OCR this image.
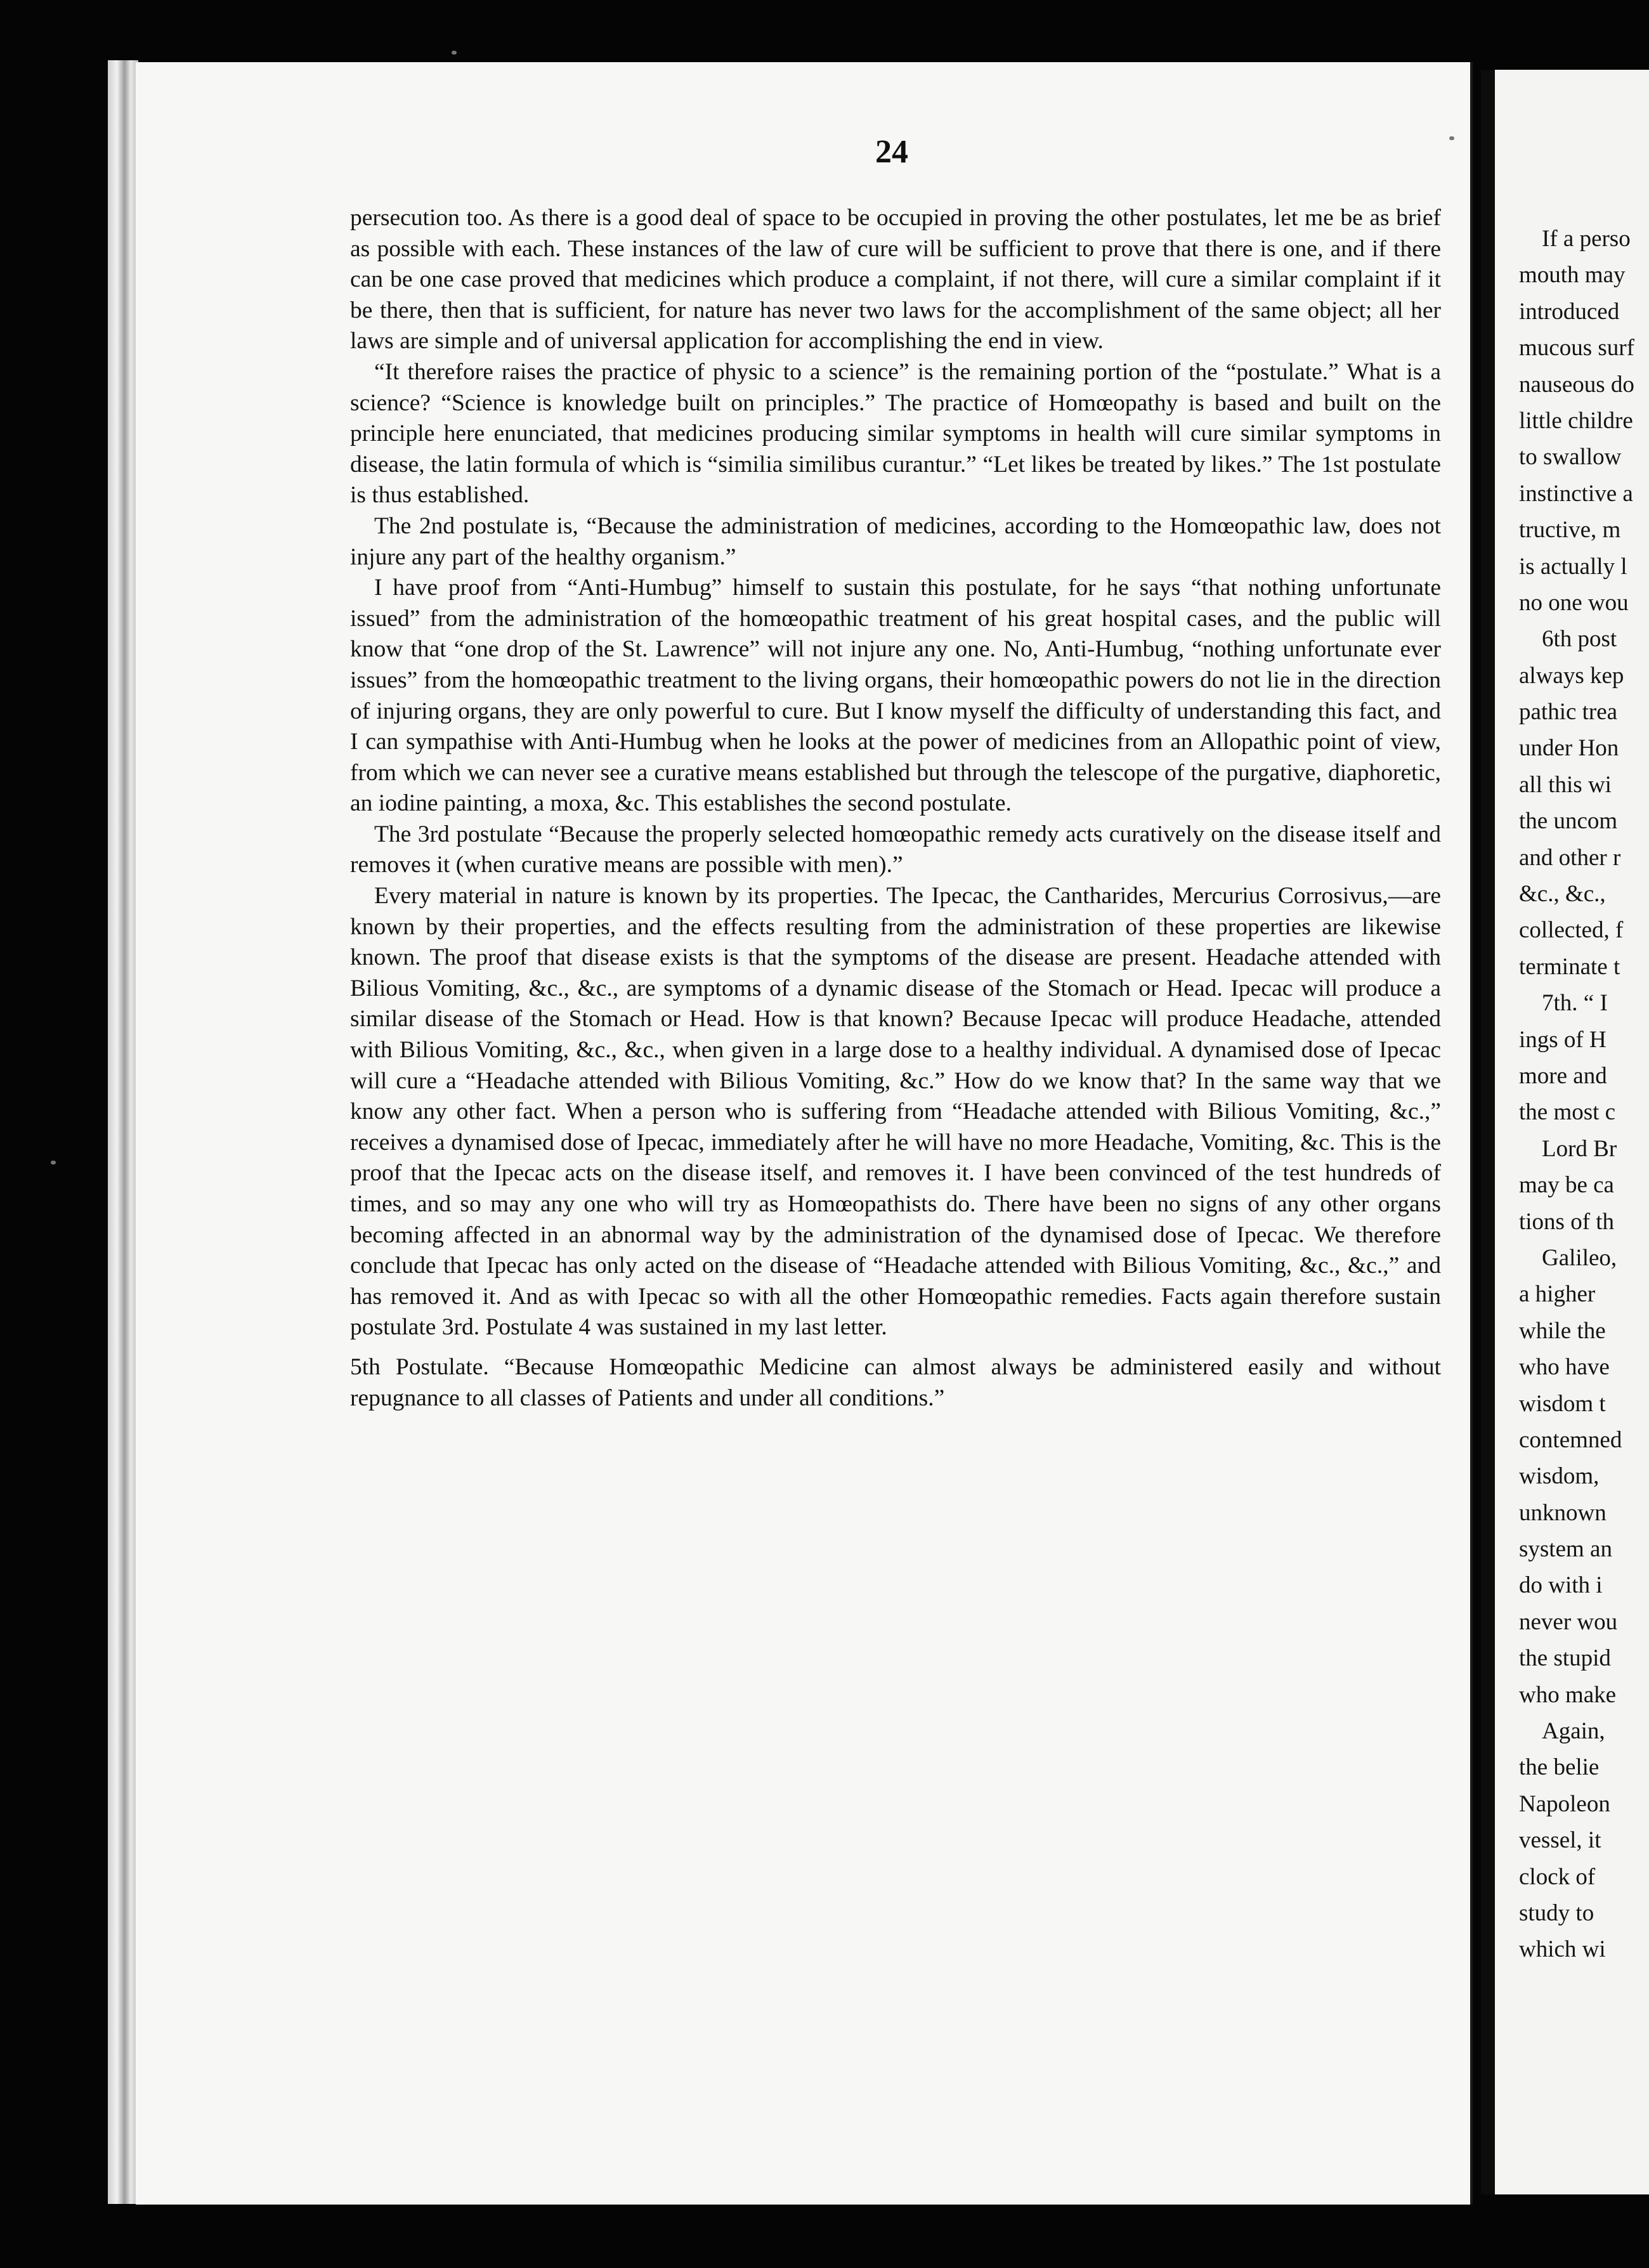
24

persecution too. As there is a good deal of space to be occupied in proving the other postulates, let me be as brief as possible with each. These instances of the law of cure will be sufficient to prove that there is one, and if there can be one case proved that medicines which produce a complaint, if not there, will cure a similar complaint if it be there, then that is sufficient, for nature has never two laws for the accomplishment of the same object; all her laws are simple and of universal application for accomplishing the end in view.

“It therefore raises the practice of physic to a science” is the remaining portion of the “postulate.” What is a science? “Science is knowledge built on principles.” The practice of Homœopathy is based and built on the principle here enunciated, that medicines producing similar symptoms in health will cure similar symptoms in disease, the latin formula of which is “similia similibus curantur.” “Let likes be treated by likes.” The 1st postulate is thus established.

The 2nd postulate is, “Because the administration of medicines, according to the Homœopathic law, does not injure any part of the healthy organism.”

I have proof from “Anti-Humbug” himself to sustain this postulate, for he says “that nothing unfortunate issued” from the administration of the homœopathic treatment of his great hospital cases, and the public will know that “one drop of the St. Lawrence” will not injure any one. No, Anti-Humbug, “nothing unfortunate ever issues” from the homœopathic treatment to the living organs, their homœopathic powers do not lie in the direction of injuring organs, they are only powerful to cure. But I know myself the difficulty of understanding this fact, and I can sympathise with Anti-Humbug when he looks at the power of medicines from an Allopathic point of view, from which we can never see a curative means established but through the telescope of the purgative, diaphoretic, an iodine painting, a moxa, &c. This establishes the second postulate.

The 3rd postulate “Because the properly selected homœopathic remedy acts curatively on the disease itself and removes it (when curative means are possible with men).”

Every material in nature is known by its properties. The Ipecac, the Cantharides, Mercurius Corrosivus,—are known by their properties, and the effects resulting from the administration of these properties are likewise known. The proof that disease exists is that the symptoms of the disease are present. Headache attended with Bilious Vomiting, &c., &c., are symptoms of a dynamic disease of the Stomach or Head. Ipecac will produce a similar disease of the Stomach or Head. How is that known? Because Ipecac will produce Headache, attended with Bilious Vomiting, &c., &c., when given in a large dose to a healthy individual. A dynamised dose of Ipecac will cure a “Headache attended with Bilious Vomiting, &c.” How do we know that? In the same way that we know any other fact. When a person who is suffering from “Headache attended with Bilious Vomiting, &c.,” receives a dynamised dose of Ipecac, immediately after he will have no more Headache, Vomiting, &c. This is the proof that the Ipecac acts on the disease itself, and removes it. I have been convinced of the test hundreds of times, and so may any one who will try as Homœopathists do. There have been no signs of any other organs becoming affected in an abnormal way by the administration of the dynamised dose of Ipecac. We therefore conclude that Ipecac has only acted on the disease of “Headache attended with Bilious Vomiting, &c., &c.,” and has removed it. And as with Ipecac so with all the other Homœopathic remedies. Facts again therefore sustain postulate 3rd. Postulate 4 was sustained in my last letter.

5th Postulate. “Because Homœopathic Medicine can almost always be administered easily and without repugnance to all classes of Patients and under all conditions.”

If a perso
mouth may
introduced
mucous surf
nauseous do
little childre
to swallow
instinctive a
tructive, m
is actually l
no one wou
6th post
always kep
pathic trea
under Hon
all this wi
the uncom
and other r
&c., &c.,
collected, f
terminate t
7th. “ I
ings of H
more and
the most c
Lord Br
may be ca
tions of th
Galileo,
a higher
while the
who have
wisdom t
contemned
wisdom,
unknown
system an
do with i
never wou
the stupid
who make
Again,
the belie
Napoleon
vessel, it
clock of
study to
which wi
